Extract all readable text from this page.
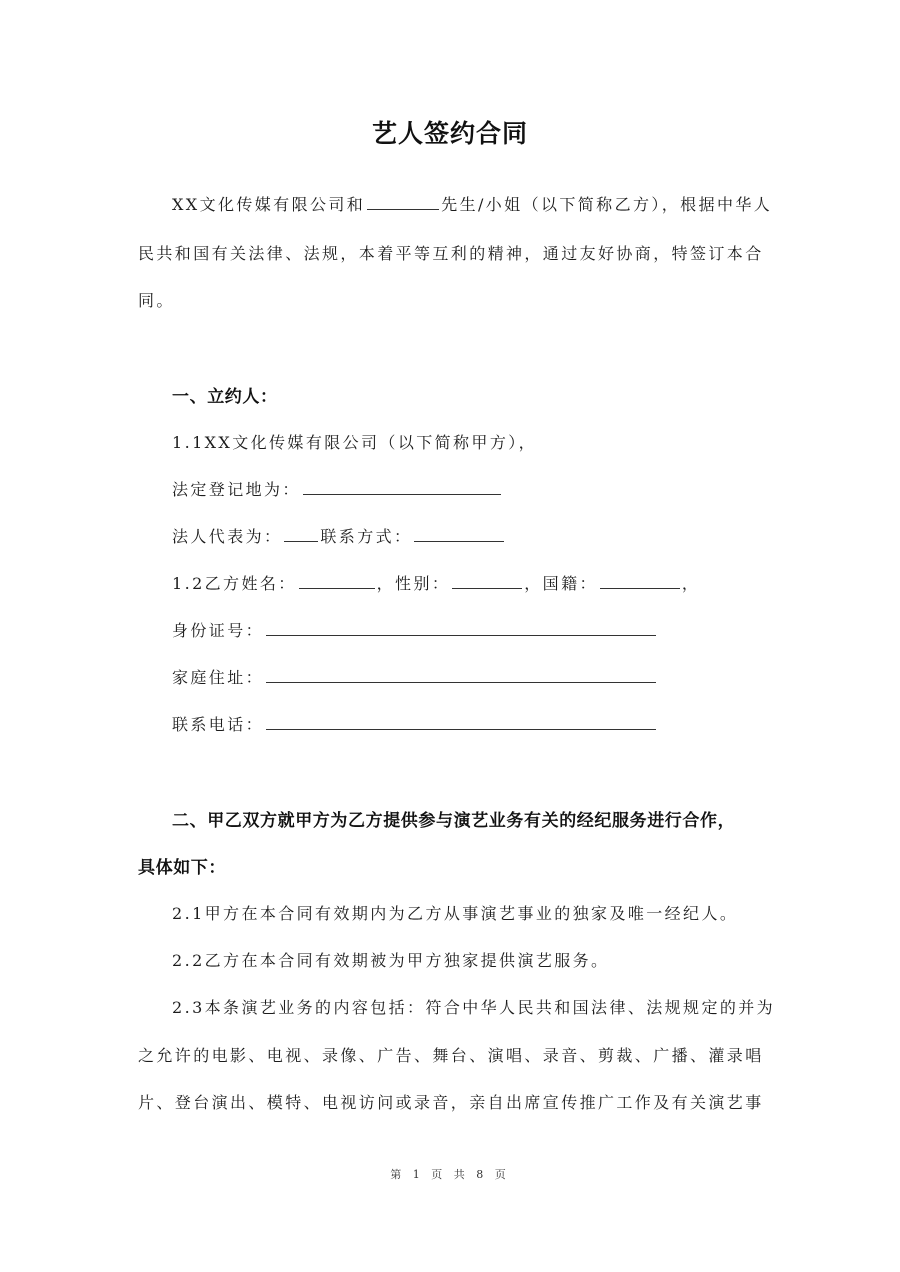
艺人签约合同
XX文化传媒有限公司和	先生/小姐（以下简称乙方），根据中华人
民共和国有关法律、法规，本着平等互利的精神，通过友好协商，特签订本合
同。
一、立约人：
1.1XX文化传媒有限公司（以下简称甲方），
法定登记地为：
法人代表为： 联系方式：
1.2乙方姓名：	，性别：	，国籍：	，
身份证号：
家庭住址：
联系电话：
二、甲乙双方就甲方为乙方提供参与演艺业务有关的经纪服务进行合作，
具体如下：
2.1甲方在本合同有效期内为乙方从事演艺事业的独家及唯一经纪人。
2.2乙方在本合同有效期被为甲方独家提供演艺服务。
2.3本条演艺业务的内容包括：符合中华人民共和国法律、法规规定的并为
之允许的电影、电视、录像、广告、舞台、演唱、录音、剪裁、广播、灌录唱
片、登台演出、模特、电视访问或录音，亲自出席宣传推广工作及有关演艺事
第 1 页 共 8 页
